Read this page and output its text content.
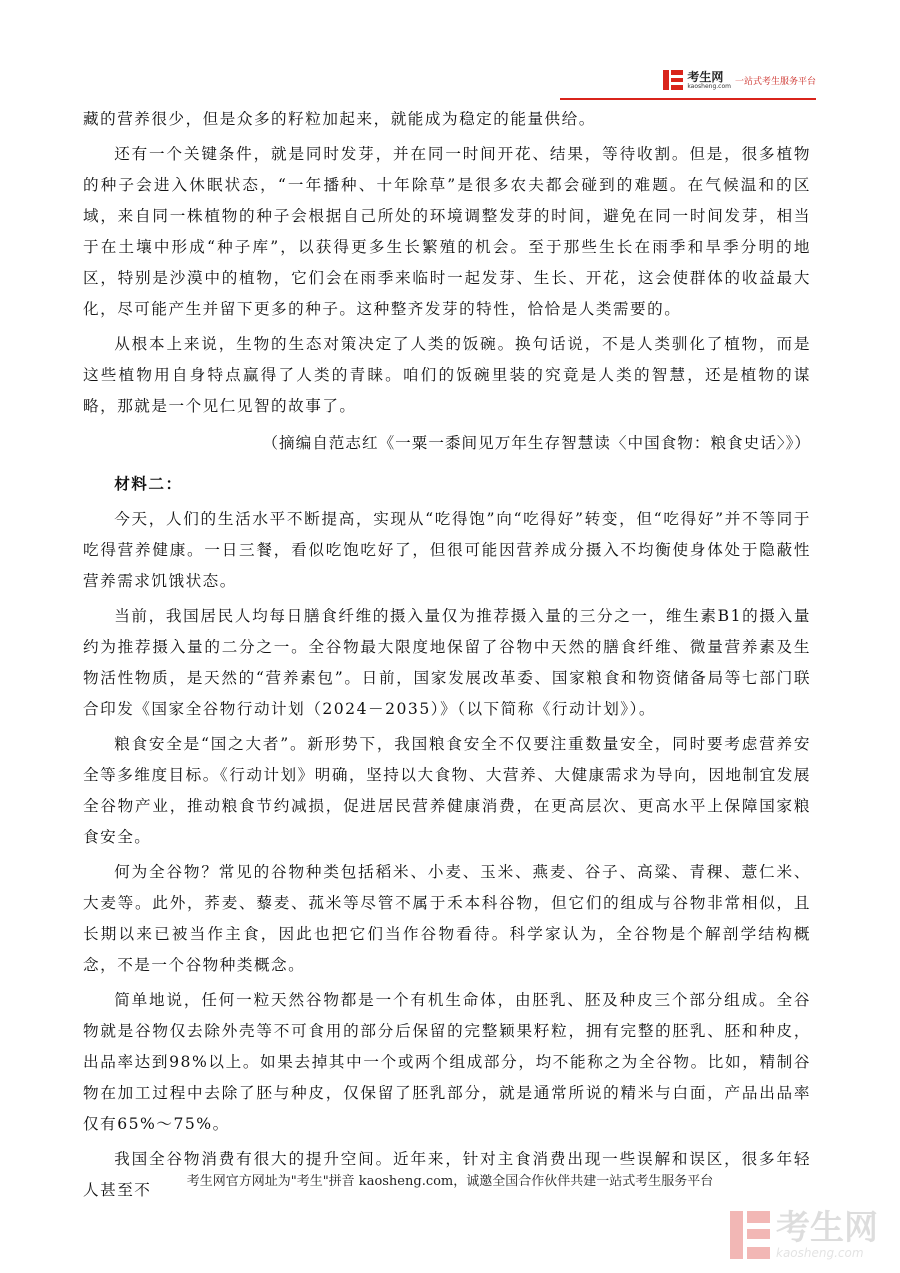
考生网
kaosheng.com 一站式考生服务平台

藏的营养很少，但是众多的籽粒加起来，就能成为稳定的能量供给。

还有一个关键条件，就是同时发芽，并在同一时间开花、结果，等待收割。但是，很多植物的种子会进入休眠状态，“一年播种、十年除草”是很多农夫都会碰到的难题。在气候温和的区域，来自同一株植物的种子会根据自己所处的环境调整发芽的时间，避免在同一时间发芽，相当于在土壤中形成“种子库”，以获得更多生长繁殖的机会。至于那些生长在雨季和旱季分明的地区，特别是沙漠中的植物，它们会在雨季来临时一起发芽、生长、开花，这会使群体的收益最大化，尽可能产生并留下更多的种子。这种整齐发芽的特性，恰恰是人类需要的。

从根本上来说，生物的生态对策决定了人类的饭碗。换句话说，不是人类驯化了植物，而是这些植物用自身特点赢得了人类的青睐。咱们的饭碗里装的究竟是人类的智慧，还是植物的谋略，那就是一个见仁见智的故事了。

（摘编自范志红《一粟一黍间见万年生存智慧读〈中国食物：粮食史话〉》）

材料二：

今天，人们的生活水平不断提高，实现从“吃得饱”向“吃得好”转变，但“吃得好”并不等同于吃得营养健康。一日三餐，看似吃饱吃好了，但很可能因营养成分摄入不均衡使身体处于隐蔽性营养需求饥饿状态。

当前，我国居民人均每日膳食纤维的摄入量仅为推荐摄入量的三分之一，维生素B1的摄入量约为推荐摄入量的二分之一。全谷物最大限度地保留了谷物中天然的膳食纤维、微量营养素及生物活性物质，是天然的“营养素包”。日前，国家发展改革委、国家粮食和物资储备局等七部门联合印发《国家全谷物行动计划（2024－2035）》（以下简称《行动计划》）。

粮食安全是“国之大者”。新形势下，我国粮食安全不仅要注重数量安全，同时要考虑营养安全等多维度目标。《行动计划》明确，坚持以大食物、大营养、大健康需求为导向，因地制宜发展全谷物产业，推动粮食节约减损，促进居民营养健康消费，在更高层次、更高水平上保障国家粮食安全。

何为全谷物？常见的谷物种类包括稻米、小麦、玉米、燕麦、谷子、高粱、青稞、薏仁米、大麦等。此外，荞麦、藜麦、菰米等尽管不属于禾本科谷物，但它们的组成与谷物非常相似，且长期以来已被当作主食，因此也把它们当作谷物看待。科学家认为，全谷物是个解剖学结构概念，不是一个谷物种类概念。

简单地说，任何一粒天然谷物都是一个有机生命体，由胚乳、胚及种皮三个部分组成。全谷物就是谷物仅去除外壳等不可食用的部分后保留的完整颖果籽粒，拥有完整的胚乳、胚和种皮，出品率达到98%以上。如果去掉其中一个或两个组成部分，均不能称之为全谷物。比如，精制谷物在加工过程中去除了胚与种皮，仅保留了胚乳部分，就是通常所说的精米与白面，产品出品率仅有65%～75%。

我国全谷物消费有很大的提升空间。近年来，针对主食消费出现一些误解和误区，很多年轻人甚至不	考生网官方网址为"考生"拼音 kaosheng.com，诚邀全国合作伙伴共建一站式考生服务平台
考生网
kaosheng.com
